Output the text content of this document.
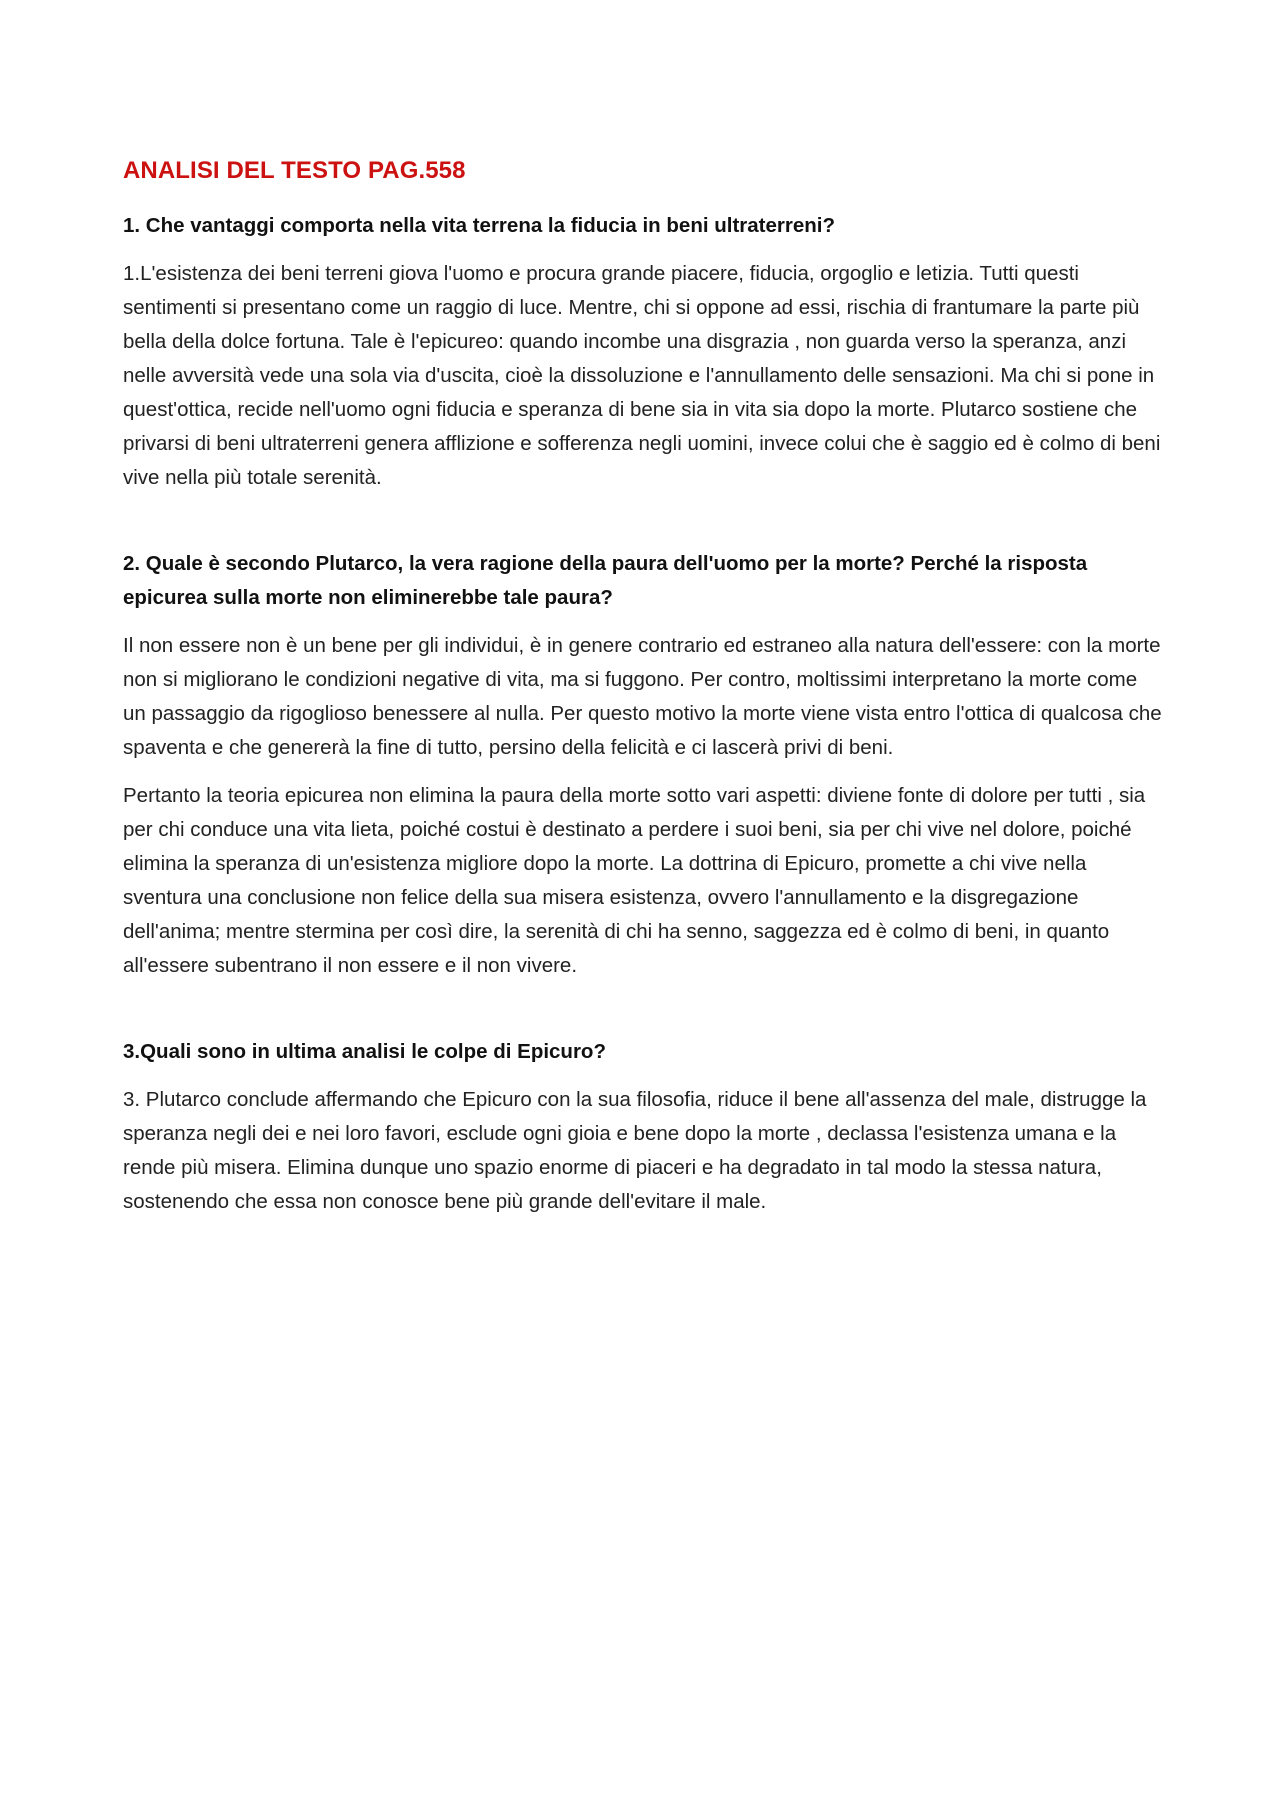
ANALISI DEL TESTO PAG.558

1. Che vantaggi comporta nella vita terrena la fiducia in beni ultraterreni?

1.L'esistenza dei beni terreni giova l'uomo e procura grande piacere, fiducia, orgoglio e letizia. Tutti questi sentimenti si presentano come un raggio di luce. Mentre, chi si oppone ad essi, rischia di frantumare la parte più bella della dolce fortuna. Tale è l'epicureo: quando incombe una disgrazia , non guarda verso la speranza, anzi nelle avversità vede una sola via d'uscita, cioè la dissoluzione e l'annullamento delle sensazioni. Ma chi si pone in quest'ottica, recide nell'uomo ogni fiducia e speranza di bene sia in vita sia dopo la morte. Plutarco sostiene che privarsi di beni ultraterreni genera afflizione e sofferenza negli uomini, invece colui che è saggio ed è colmo di beni vive nella più totale serenità.

2. Quale è secondo Plutarco, la vera ragione della paura dell'uomo per la morte? Perché la risposta epicurea sulla morte non eliminerebbe tale paura?

Il non essere non è un bene per gli individui, è in genere contrario ed estraneo alla natura dell'essere: con la morte non si migliorano le condizioni negative di vita, ma si fuggono. Per contro, moltissimi interpretano la morte come un passaggio da rigoglioso benessere al nulla. Per questo motivo la morte viene vista entro l'ottica di qualcosa che spaventa e che genererà la fine di tutto, persino della felicità e ci lascerà privi di beni.

Pertanto la teoria epicurea non elimina la paura della morte sotto vari aspetti: diviene fonte di dolore per tutti , sia per chi conduce una vita lieta, poiché costui è destinato a perdere i suoi beni, sia per chi vive nel dolore, poiché elimina la speranza di un'esistenza migliore dopo la morte. La dottrina di Epicuro, promette a chi vive nella sventura una conclusione non felice della sua misera esistenza, ovvero l'annullamento e la disgregazione dell'anima; mentre stermina per così dire, la serenità di chi ha senno, saggezza ed è colmo di beni, in quanto all'essere subentrano il non essere e il non vivere.

3.Quali sono in ultima analisi le colpe di Epicuro?

3. Plutarco conclude affermando che Epicuro con la sua filosofia, riduce il bene all'assenza del male, distrugge la speranza negli dei e nei loro favori, esclude ogni gioia e bene dopo la morte , declassa l'esistenza umana e la rende più misera. Elimina dunque uno spazio enorme di piaceri e ha degradato in tal modo la stessa natura, sostenendo che essa non conosce bene più grande dell'evitare il male.
